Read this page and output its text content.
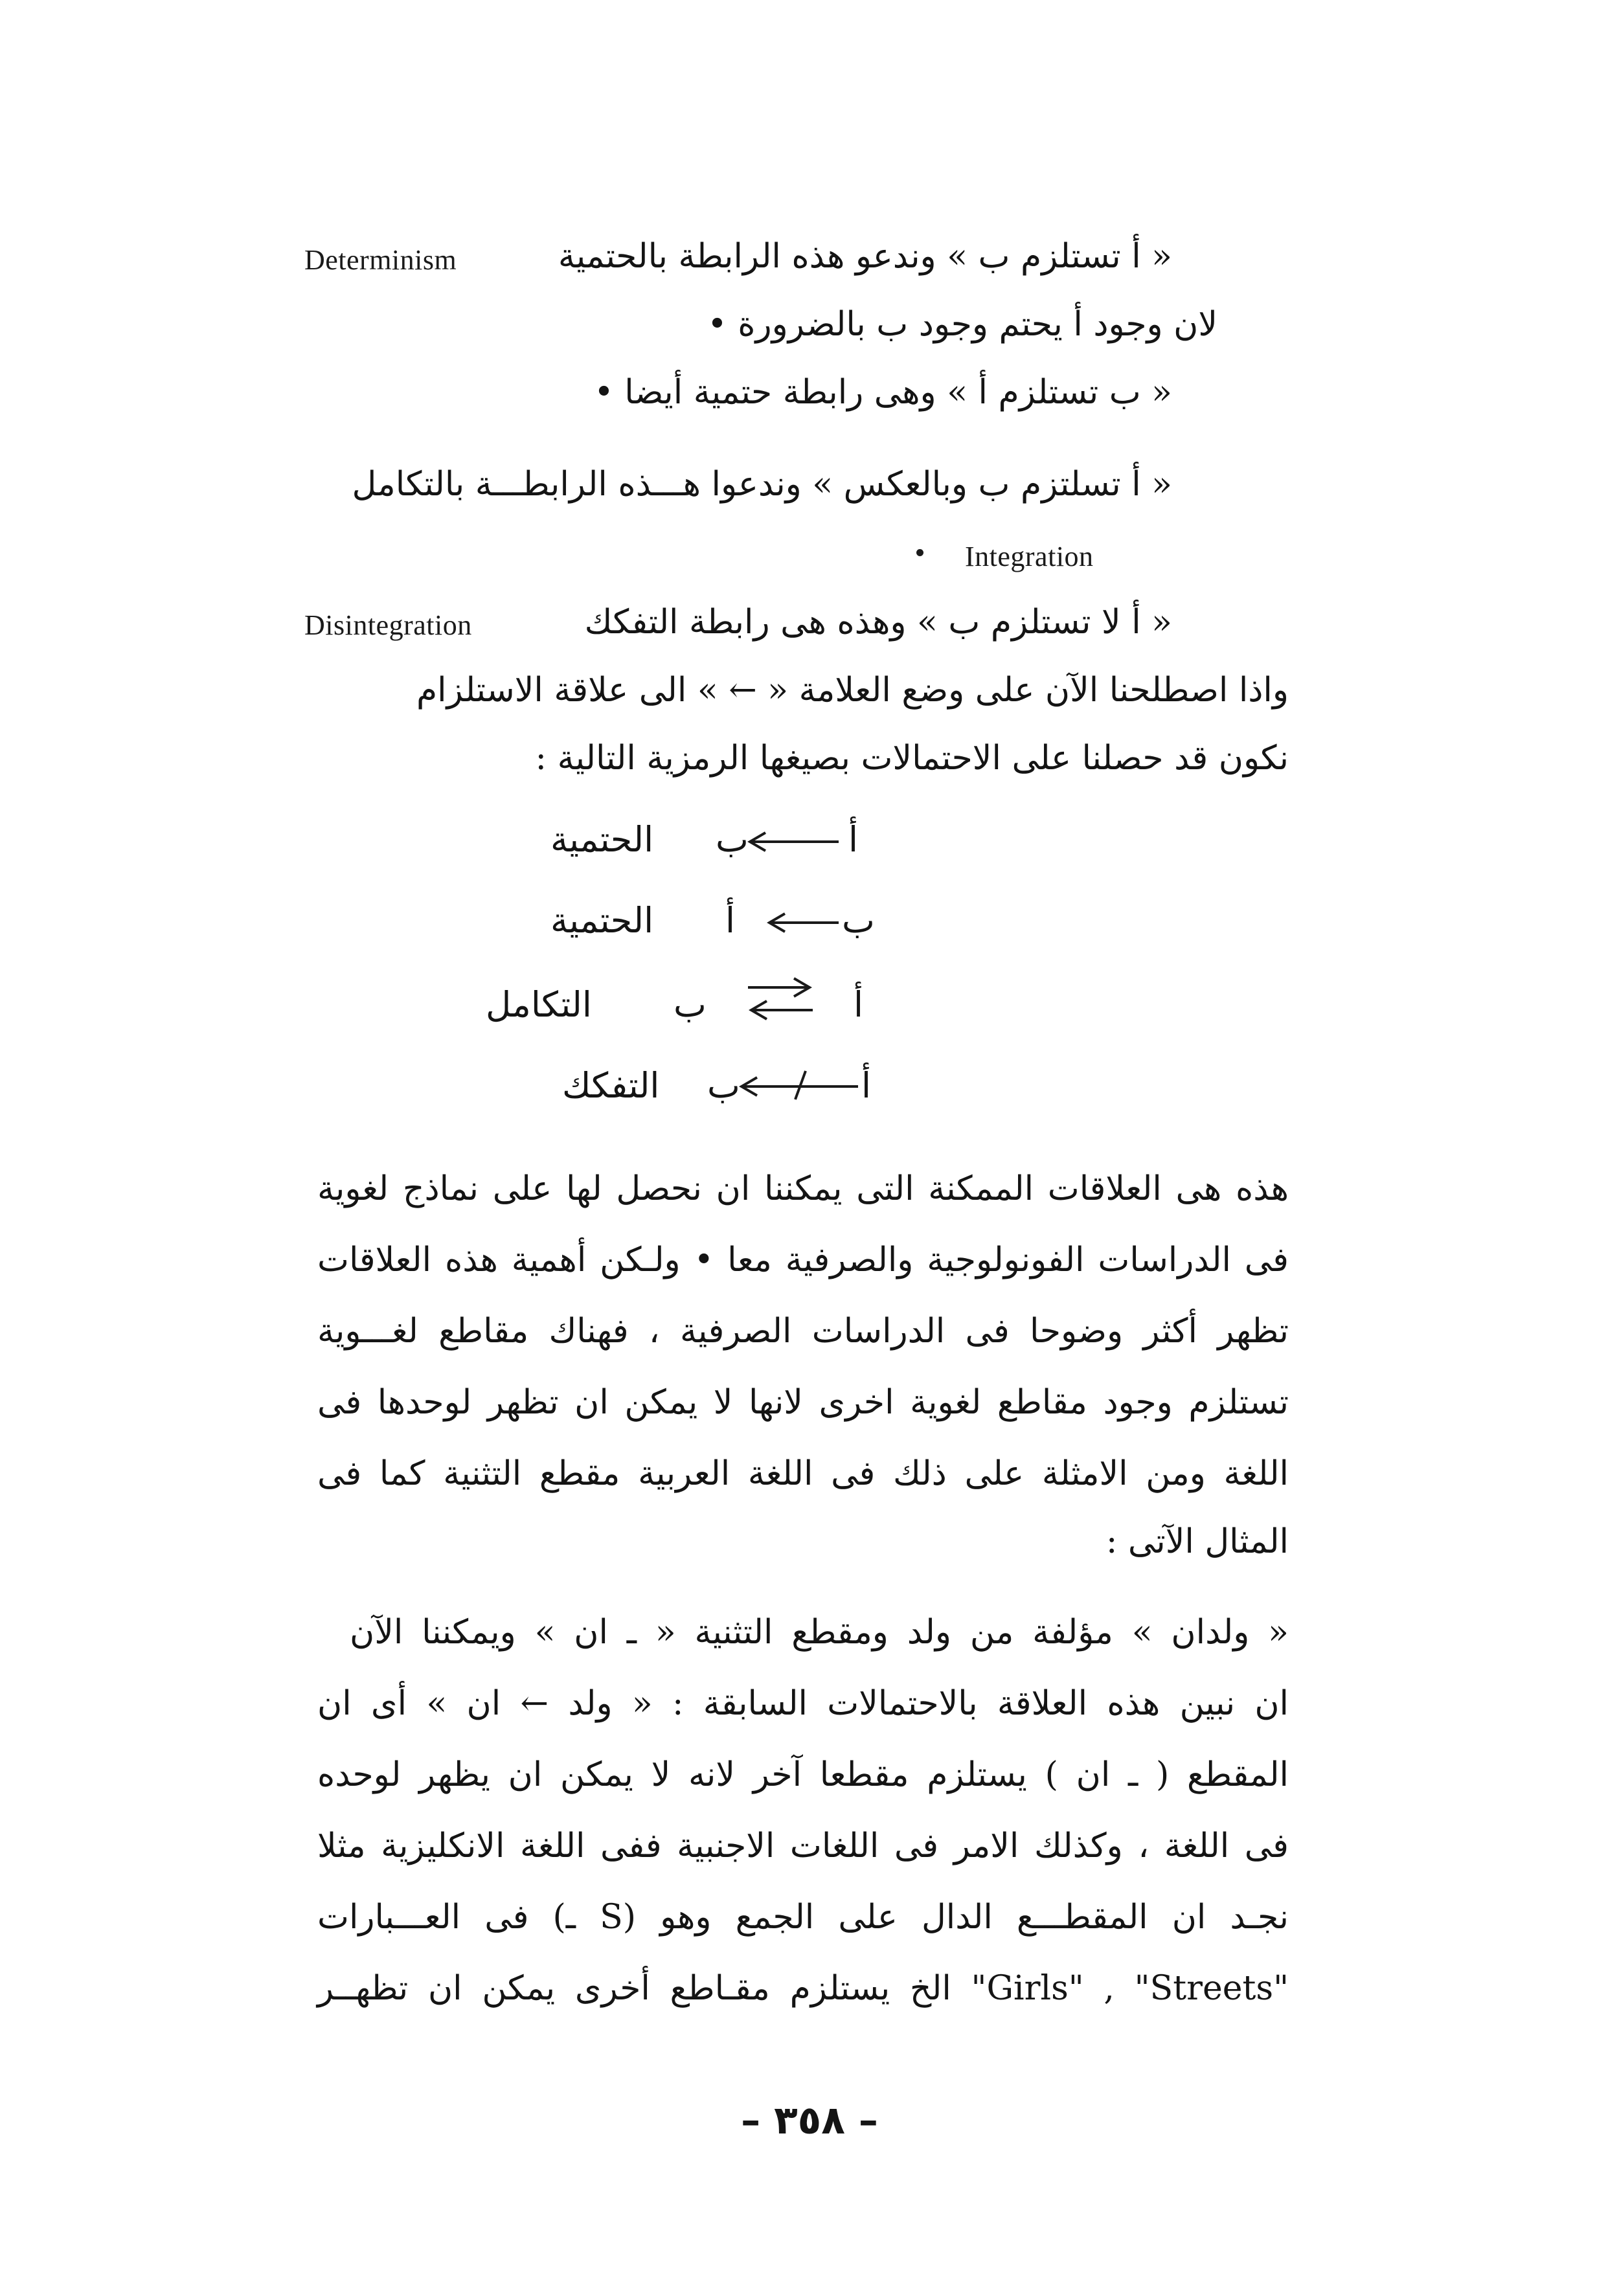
« أ تستلزم ب » وندعو هذه الرابطة بالحتمية
Determinism
لان وجود أ يحتم وجود ب بالضرورة •
« ب تستلزم أ » وهى رابطة حتمية أيضا •
« أ تسلتزم ب وبالعكس » وندعوا هـــذه الرابطـــة بالتكامل
Integration
« أ لا تستلزم ب » وهذه هى رابطة التفكك
Disintegration
واذا اصطلحنا الآن على وضع العلامة « ← » الى علاقة الاستلزام
نكون قد حصلنا على الاحتمالات بصيغها الرمزية التالية :
أ
ب
الحتمية
ب
أ
الحتمية
أ
ب
التكامل
أ
ب
التفكك
هذه هى العلاقات الممكنة التى يمكننا ان نحصل لها على نماذج لغوية
فى الدراسات الفونولوجية والصرفية معا • ولـكن أهمية هذه العلاقات
تظهر أكثر وضوحا فى الدراسات الصرفية ، فهناك مقاطع لغـــوية
تستلزم وجود مقاطع لغوية اخرى لانها لا يمكن ان تظهر لوحدها فى
اللغة ومن الامثلة على ذلك فى اللغة العربية مقطع التثنية كما فى
المثال الآتى :
« ولدان » مؤلفة من ولد ومقطع التثنية « ـ ان » ويمكننا الآن
ان نبين هذه العلاقة بالاحتمالات السابقة : « ولد ← ان » أى ان
المقطع ( ـ ان ) يستلزم مقطعا آخر لانه لا يمكن ان يظهر لوحده
فى اللغة ، وكذلك الامر فى اللغات الاجنبية ففى اللغة الانكليزية مثلا
نجـد ان المقطـــع الدال على الجمع وهو (S ـ) فى العـــبارات
"Girls" , "Streets" الخ يستلزم مقـاطع أخرى يمكن ان تظهــر
– ٣٥٨ –
